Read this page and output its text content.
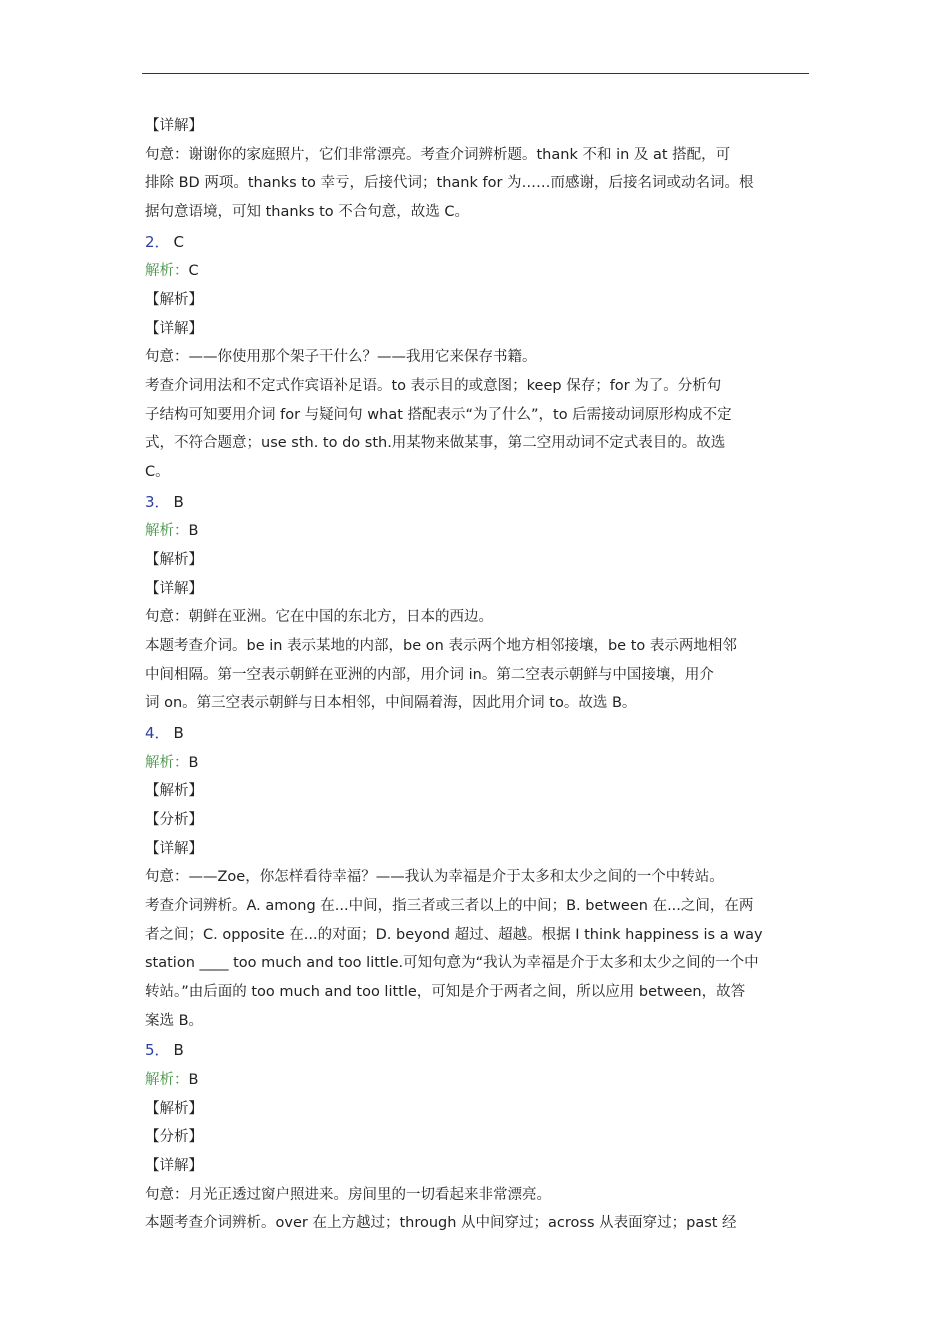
【详解】
句意：谢谢你的家庭照片，它们非常漂亮。考查介词辨析题。thank 不和 in 及 at 搭配，可
排除 BD 两项。thanks to 幸亏，后接代词；thank for 为……而感谢，后接名词或动名词。根
据句意语境，可知 thanks to 不合句意，故选 C。
2． C
解析：C
【解析】
【详解】
句意：——你使用那个架子干什么？——我用它来保存书籍。
考查介词用法和不定式作宾语补足语。to 表示目的或意图；keep 保存；for 为了。分析句
子结构可知要用介词 for 与疑问句 what 搭配表示“为了什么”，to 后需接动词原形构成不定
式，不符合题意；use sth. to do sth.用某物来做某事，第二空用动词不定式表目的。故选
C。
3． B
解析：B
【解析】
【详解】
句意：朝鲜在亚洲。它在中国的东北方，日本的西边。
本题考查介词。be in 表示某地的内部，be on 表示两个地方相邻接壤，be to 表示两地相邻
中间相隔。第一空表示朝鲜在亚洲的内部，用介词 in。第二空表示朝鲜与中国接壤，用介
词 on。第三空表示朝鲜与日本相邻，中间隔着海，因此用介词 to。故选 B。
4． B
解析：B
【解析】
【分析】
【详解】
句意：——Zoe，你怎样看待幸福？——我认为幸福是介于太多和太少之间的一个中转站。
考查介词辨析。A. among 在...中间，指三者或三者以上的中间；B. between 在...之间，在两
者之间；C. opposite 在...的对面；D. beyond 超过、超越。根据 I think happiness is a way
station ____ too much and too little.可知句意为“我认为幸福是介于太多和太少之间的一个中
转站。”由后面的 too much and too little，可知是介于两者之间，所以应用 between，故答
案选 B。
5． B
解析：B
【解析】
【分析】
【详解】
句意：月光正透过窗户照进来。房间里的一切看起来非常漂亮。
本题考查介词辨析。over 在上方越过；through 从中间穿过；across 从表面穿过；past 经
